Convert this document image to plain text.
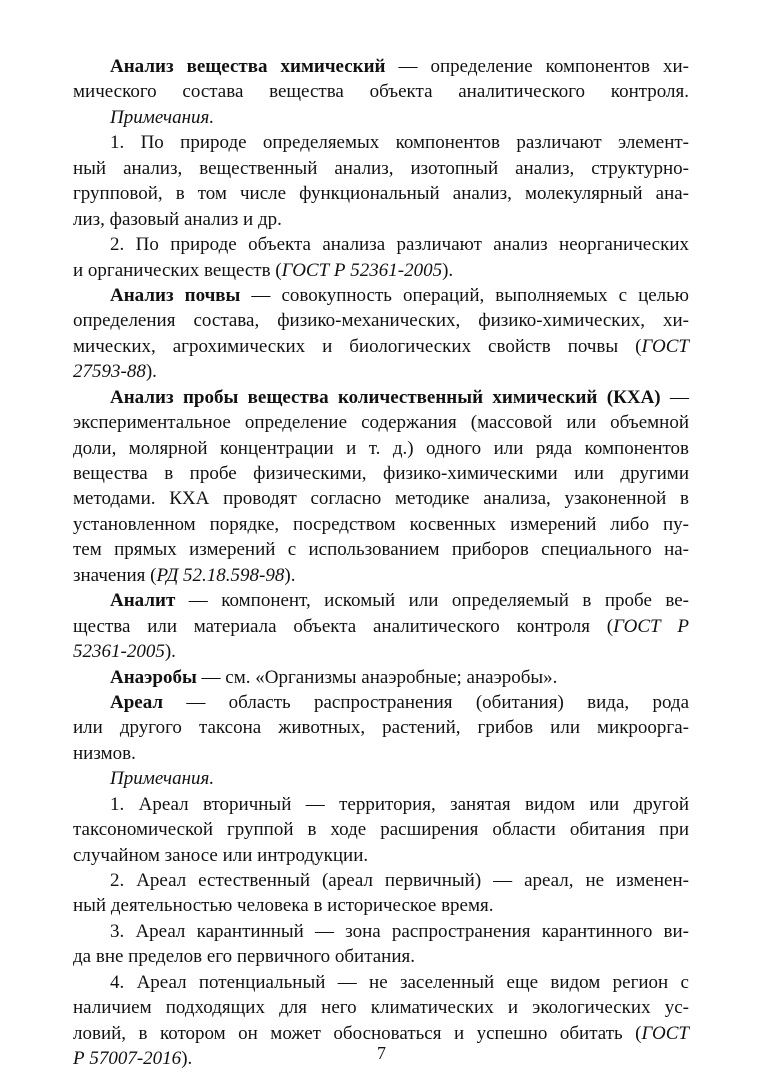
Анализ вещества химический — определение компонентов хи-
мического состава вещества объекта аналитического контроля.
Примечания.
1. По природе определяемых компонентов различают элемент-
ный анализ, вещественный анализ, изотопный анализ, структурно-
групповой, в том числе функциональный анализ, молекулярный ана-
лиз, фазовый анализ и др.
2. По природе объекта анализа различают анализ неорганических
и органических веществ (ГОСТ Р 52361-2005).
Анализ почвы — совокупность операций, выполняемых с целью
определения состава, физико-механических, физико-химических, хи-
мических, агрохимических и биологических свойств почвы (ГОСТ
27593-88).
Анализ пробы вещества количественный химический (КХА) —
экспериментальное определение содержания (массовой или объемной
доли, молярной концентрации и т. д.) одного или ряда компонентов
вещества в пробе физическими, физико-химическими или другими
методами. КХА проводят согласно методике анализа, узаконенной в
установленном порядке, посредством косвенных измерений либо пу-
тем прямых измерений с использованием приборов специального на-
значения (РД 52.18.598-98).
Аналит — компонент, искомый или определяемый в пробе ве-
щества или материала объекта аналитического контроля (ГОСТ Р
52361-2005).
Анаэробы — см. «Организмы анаэробные; анаэробы».
Ареал — область распространения (обитания) вида, рода
или другого таксона животных, растений, грибов или микроорга-
низмов.
Примечания.
1. Ареал вторичный — территория, занятая видом или другой
таксономической группой в ходе расширения области обитания при
случайном заносе или интродукции.
2. Ареал естественный (ареал первичный) — ареал, не изменен-
ный деятельностью человека в историческое время.
3. Ареал карантинный — зона распространения карантинного ви-
да вне пределов его первичного обитания.
4. Ареал потенциальный — не заселенный еще видом регион с
наличием подходящих для него климатических и экологических ус-
ловий, в котором он может обосноваться и успешно обитать (ГОСТ
Р 57007-2016).	7
